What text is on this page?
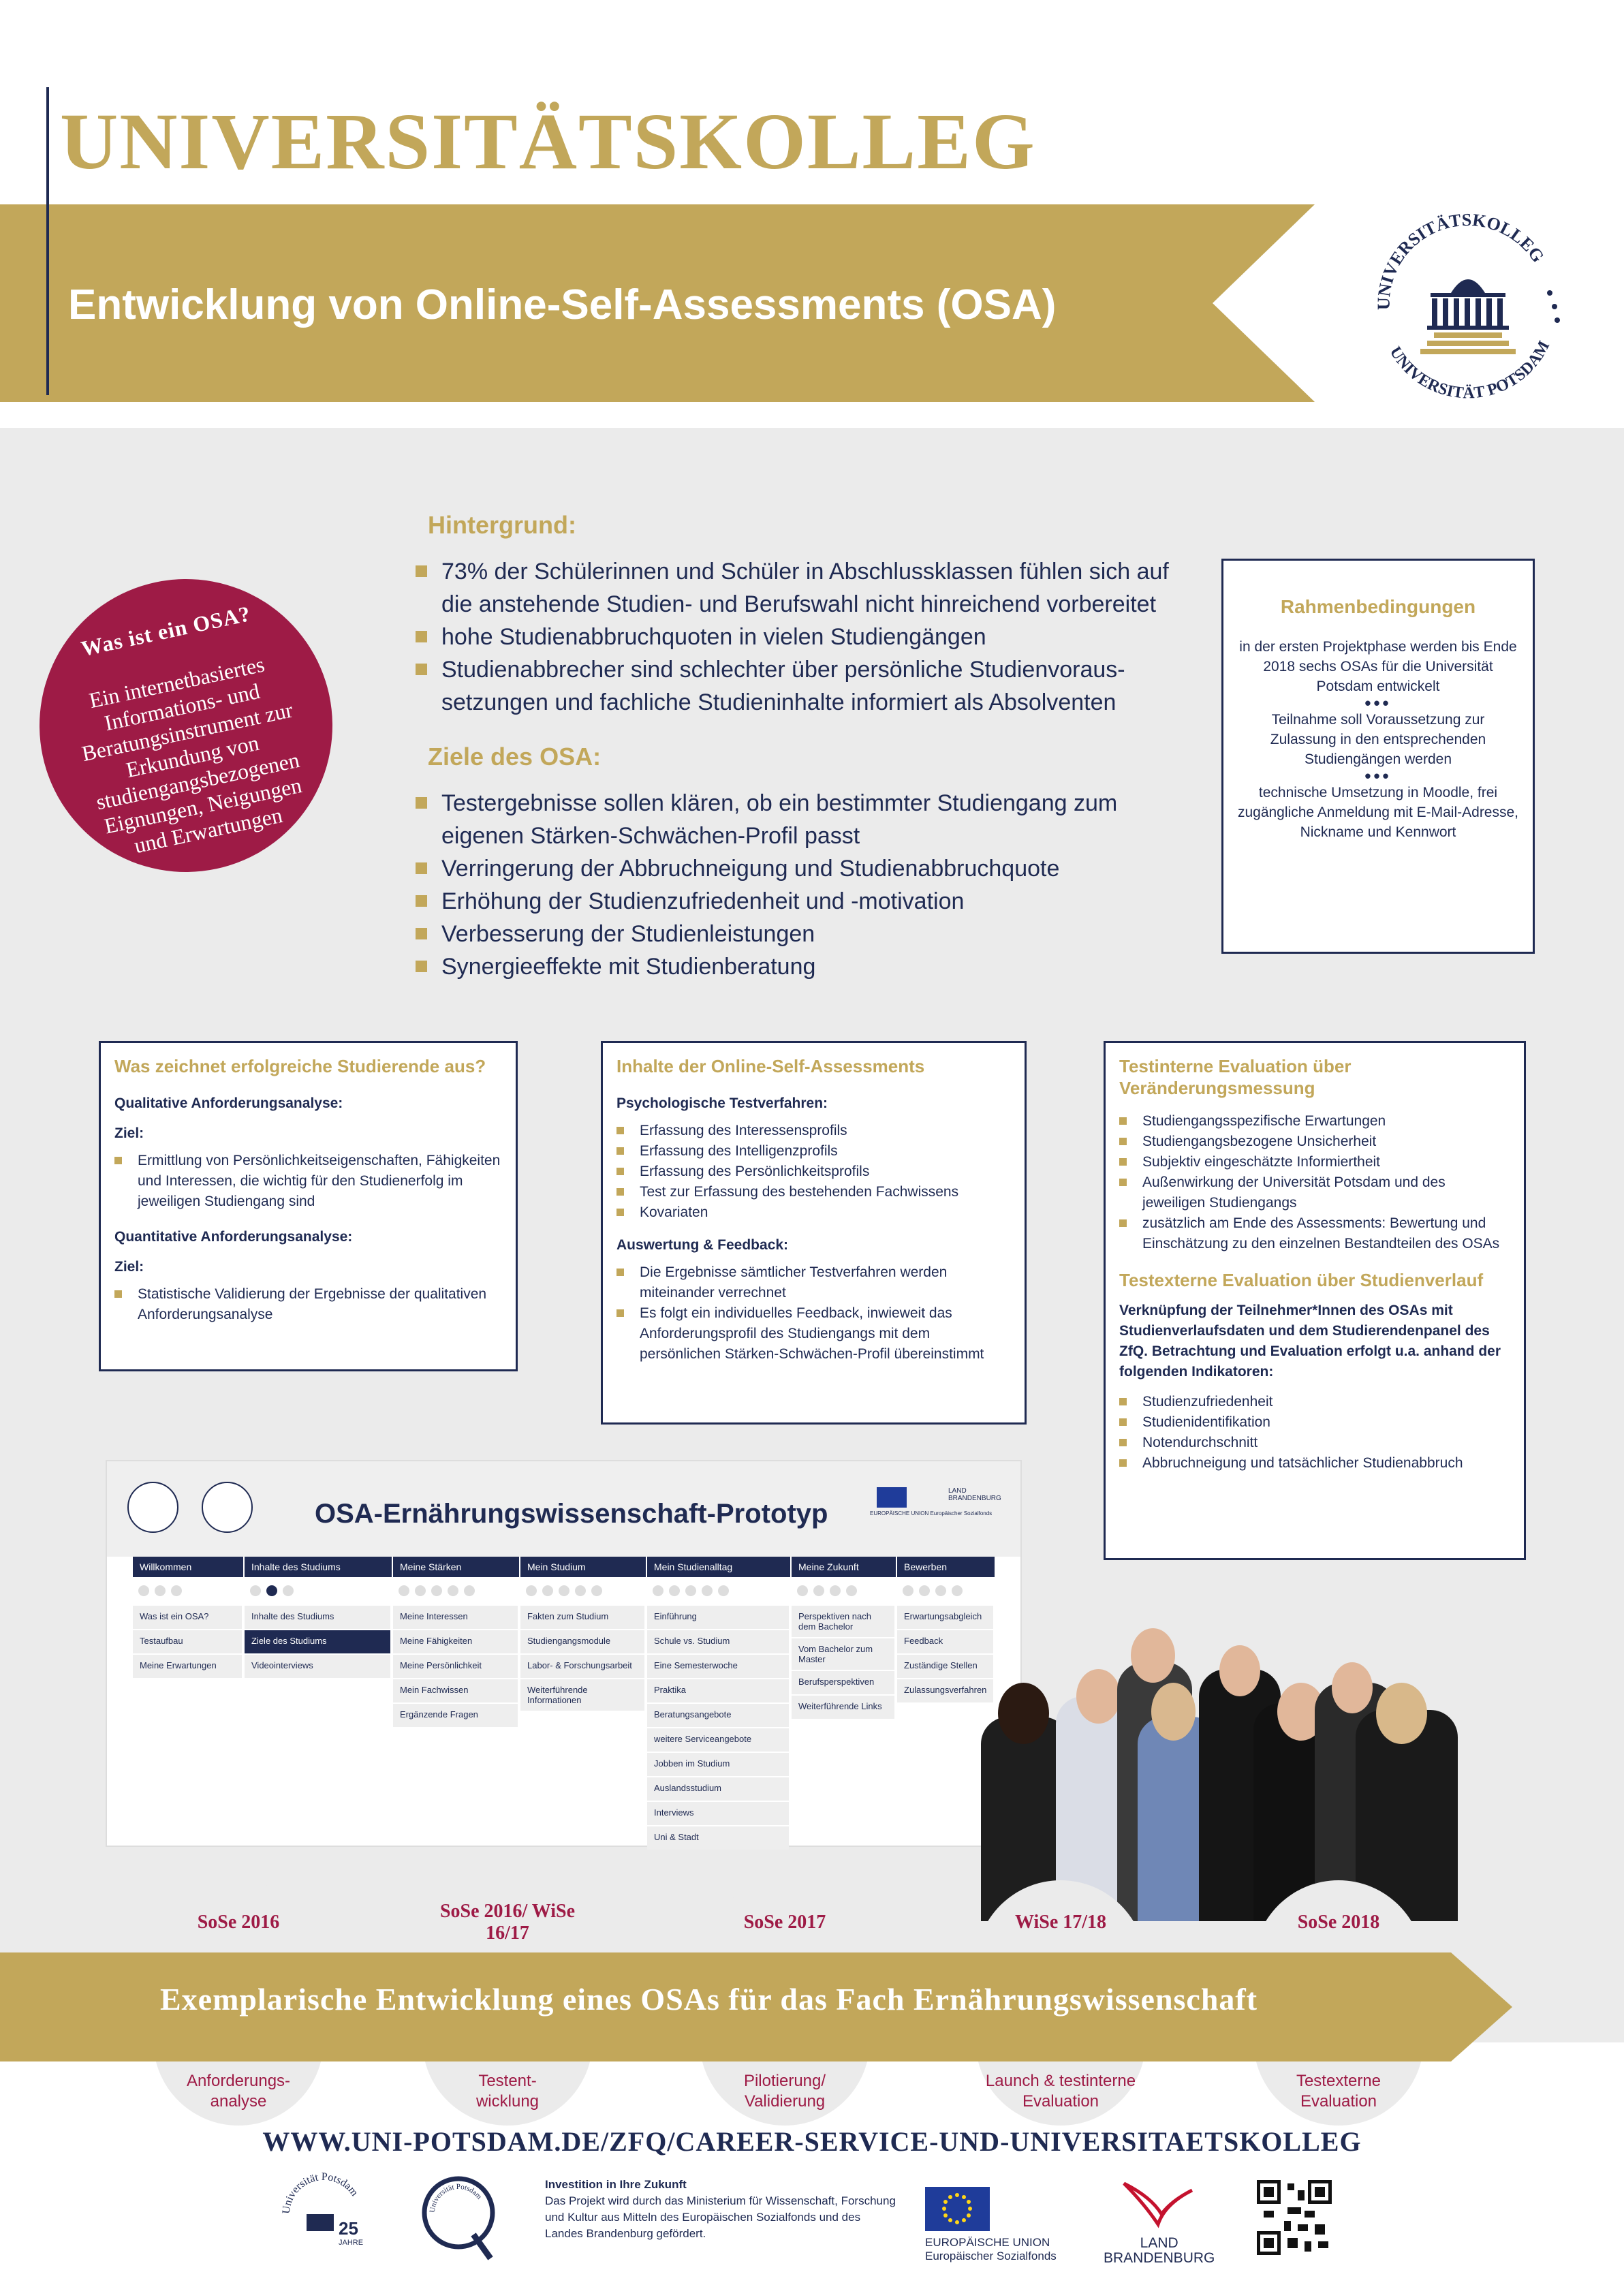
UNIVERSITÄTSKOLLEG
Entwicklung von Online-Self-Assessments (OSA)	UNIVERSITÄTSKOLLEG
UNIVERSITÄT POTSDAM
Was ist ein OSA?
Ein internetbasiertes Informations- und Beratungsinstrument zur Erkundung von studiengangsbezogenen Eignungen, Neigungen und Erwartungen
Hintergrund:
73% der Schülerinnen und Schüler in Abschlussklassen fühlen sich auf die anstehende Studien- und Berufswahl nicht hinreichend vorbereitet
hohe Studienabbruchquoten in vielen Studiengängen
Studienabbrecher sind schlechter über persönliche Studienvoraus-setzungen und fachliche Studieninhalte informiert als Absolventen
Ziele des OSA:
Testergebnisse sollen klären, ob ein bestimmter Studiengang zum eigenen Stärken-Schwächen-Profil passt
Verringerung der Abbruchneigung und Studienabbruchquote
Erhöhung der Studienzufriedenheit und -motivation
Verbesserung der Studienleistungen
Synergieeffekte mit Studienberatung
Rahmenbedingungen
in der ersten Projektphase werden bis Ende 2018 sechs OSAs für die Universität Potsdam entwickelt
•••
Teilnahme soll Voraussetzung zur Zulassung in den entsprechenden Studiengängen werden
•••
technische Umsetzung in Moodle, frei zugängliche Anmeldung mit E-Mail-Adresse, Nickname und Kennwort
Was zeichnet erfolgreiche Studierende aus?
Qualitative Anforderungsanalyse:
Ziel:
Ermittlung von Persönlichkeitseigenschaften, Fähigkeiten und Interessen, die wichtig für den Studienerfolg im jeweiligen Studiengang sind
Quantitative Anforderungsanalyse:
Ziel:
Statistische Validierung der Ergebnisse der qualitativen Anforderungsanalyse
Inhalte der Online-Self-Assessments
Psychologische Testverfahren:
Erfassung des Interessensprofils
Erfassung des Intelligenzprofils
Erfassung des Persönlichkeitsprofils
Test zur Erfassung des bestehenden Fachwissens
Kovariaten
Auswertung & Feedback:
Die Ergebnisse sämtlicher Testverfahren werden miteinander verrechnet
Es folgt ein individuelles Feedback, inwieweit das Anforderungsprofil des Studiengangs mit dem persönlichen Stärken-Schwächen-Profil übereinstimmt
Testinterne Evaluation über Veränderungsmessung
Studiengangsspezifische Erwartungen
Studiengangsbezogene Unsicherheit
Subjektiv eingeschätzte Informiertheit
Außenwirkung der Universität Potsdam und des jeweiligen Studiengangs
zusätzlich am Ende des Assessments: Bewertung und Einschätzung zu den einzelnen Bestandteilen des OSAs
Testexterne Evaluation über Studienverlauf
Verknüpfung der Teilnehmer*Innen des OSAs mit Studienverlaufsdaten und dem Studierendenpanel des ZfQ. Betrachtung und Evaluation erfolgt u.a. anhand der folgenden Indikatoren:
Studienzufriedenheit
Studienidentifikation
Notendurchschnitt
Abbruchneigung und tatsächlicher Studienabbruch

OSA-Ernährungswissenschaft-Prototyp	EUROPÄISCHE UNION Europäischer Sozialfonds
LAND BRANDENBURG
Willkommen
Was ist ein OSA?
Testaufbau
Meine Erwartungen
Inhalte des Studiums
Inhalte des Studiums
Ziele des Studiums
Videointerviews
Meine Stärken
Meine Interessen
Meine Fähigkeiten
Meine Persönlichkeit
Mein Fachwissen
Ergänzende Fragen
Mein Studium
Fakten zum Studium
Studiengangsmodule
Labor- & Forschungsarbeit
Weiterführende Informationen
Mein Studienalltag
Einführung
Schule vs. Studium
Eine Semesterwoche
Praktika
Beratungsangebote
weitere Serviceangebote
Jobben im Studium
Auslandsstudium
Interviews
Uni & Stadt
Meine Zukunft
Perspektiven nach dem Bachelor
Vom Bachelor zum Master
Berufsperspektiven
Weiterführende Links
Bewerben
Erwartungsabgleich
Feedback
Zuständige Stellen
Zulassungsverfahren
Exemplarische Entwicklung eines OSAs für das Fach Ernährungswissenschaft
SoSe 2016
SoSe 2016/ WiSe 16/17
SoSe 2017	WiSe 17/18	SoSe 2018
Anforderungs-analyse
Testent-wicklung
Pilotierung/ Validierung
Launch & testinterne Evaluation
Testexterne Evaluation
WWW.UNI-POTSDAM.DE/ZFQ/CAREER-SERVICE-UND-UNIVERSITAETSKOLLEG
Universität Potsdam
25
JAHRE
Universität Potsdam
Investition in Ihre Zukunft
Das Projekt wird durch das Ministerium für Wissenschaft, Forschung und Kultur aus Mitteln des Europäischen Sozialfonds und des Landes Brandenburg gefördert.
EUROPÄISCHE UNION
Europäischer Sozialfonds
LAND
BRANDENBURG
